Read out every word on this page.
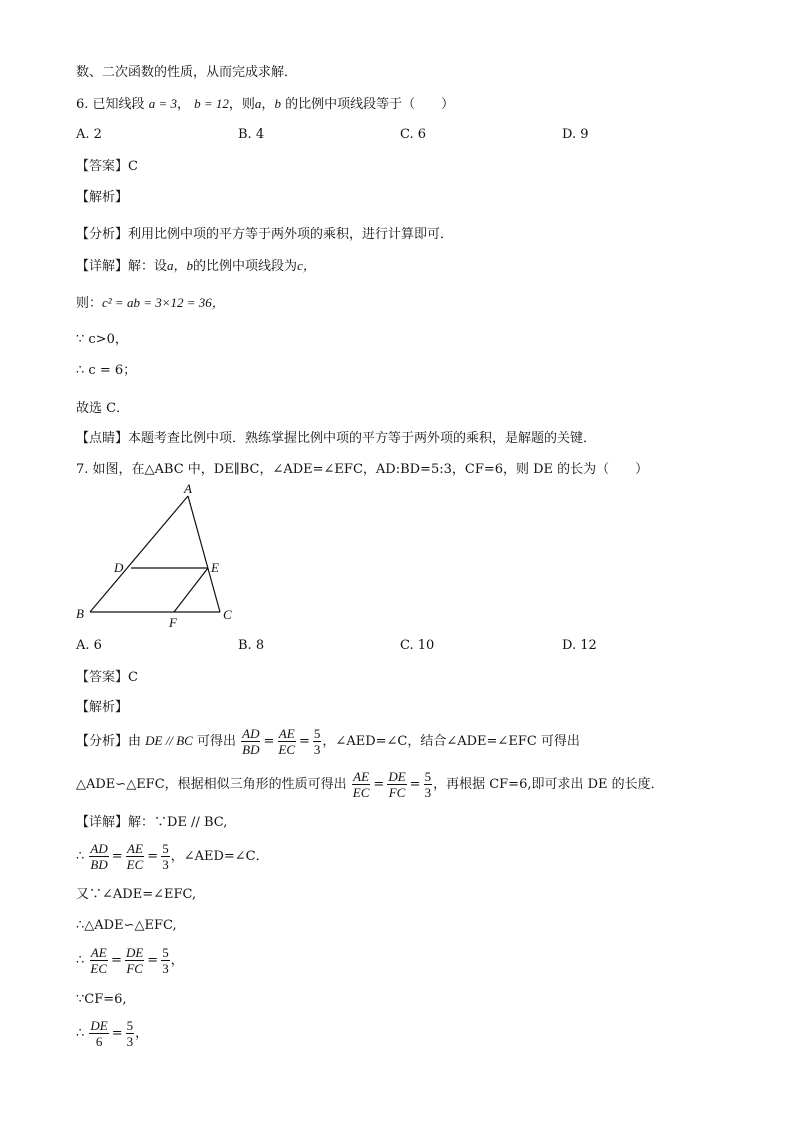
数、二次函数的性质，从而完成求解．
6. 已知线段 a = 3， b = 12，则a，b 的比例中项线段等于（　　）
A. 2	B. 4	C. 6	D. 9
【答案】C
【解析】
【分析】利用比例中项的平方等于两外项的乘积，进行计算即可．
【详解】解：设a，b的比例中项线段为c，
则：c² = ab = 3×12 = 36，
∵ c>0，
∴ c = 6；
故选 C．
【点睛】本题考查比例中项．熟练掌握比例中项的平方等于两外项的乘积，是解题的关键．
7. 如图，在△ABC 中，DE∥BC，∠ADE=∠EFC，AD:BD=5:3，CF=6，则 DE 的长为（　　）
A
D	E
B	C
F
A. 6	B. 8	C. 10	D. 12
【答案】C
【解析】
【分析】由 DE // BC 可得出 $\frac{AD}{BD} = \frac{AE}{EC} = \frac{5}{3}$ ，∠AED=∠C，结合∠ADE=∠EFC 可得出
△ADE∽△EFC，根据相似三角形的性质可得出 $\frac{AE}{EC} = \frac{DE}{FC} = \frac{5}{3}$ ，再根据 CF=6,即可求出 DE 的长度．
【详解】解：∵DE // BC,
∴ $\frac{AD}{BD} = \frac{AE}{EC} = \frac{5}{3}$ ，∠AED=∠C．
又∵∠ADE=∠EFC,
∴△ADE∽△EFC,
∴ $\frac{AE}{EC} = \frac{DE}{FC} = \frac{5}{3}$ ，
∵CF=6,
∴ $\frac{DE}{6} = \frac{5}{3}$ ，
